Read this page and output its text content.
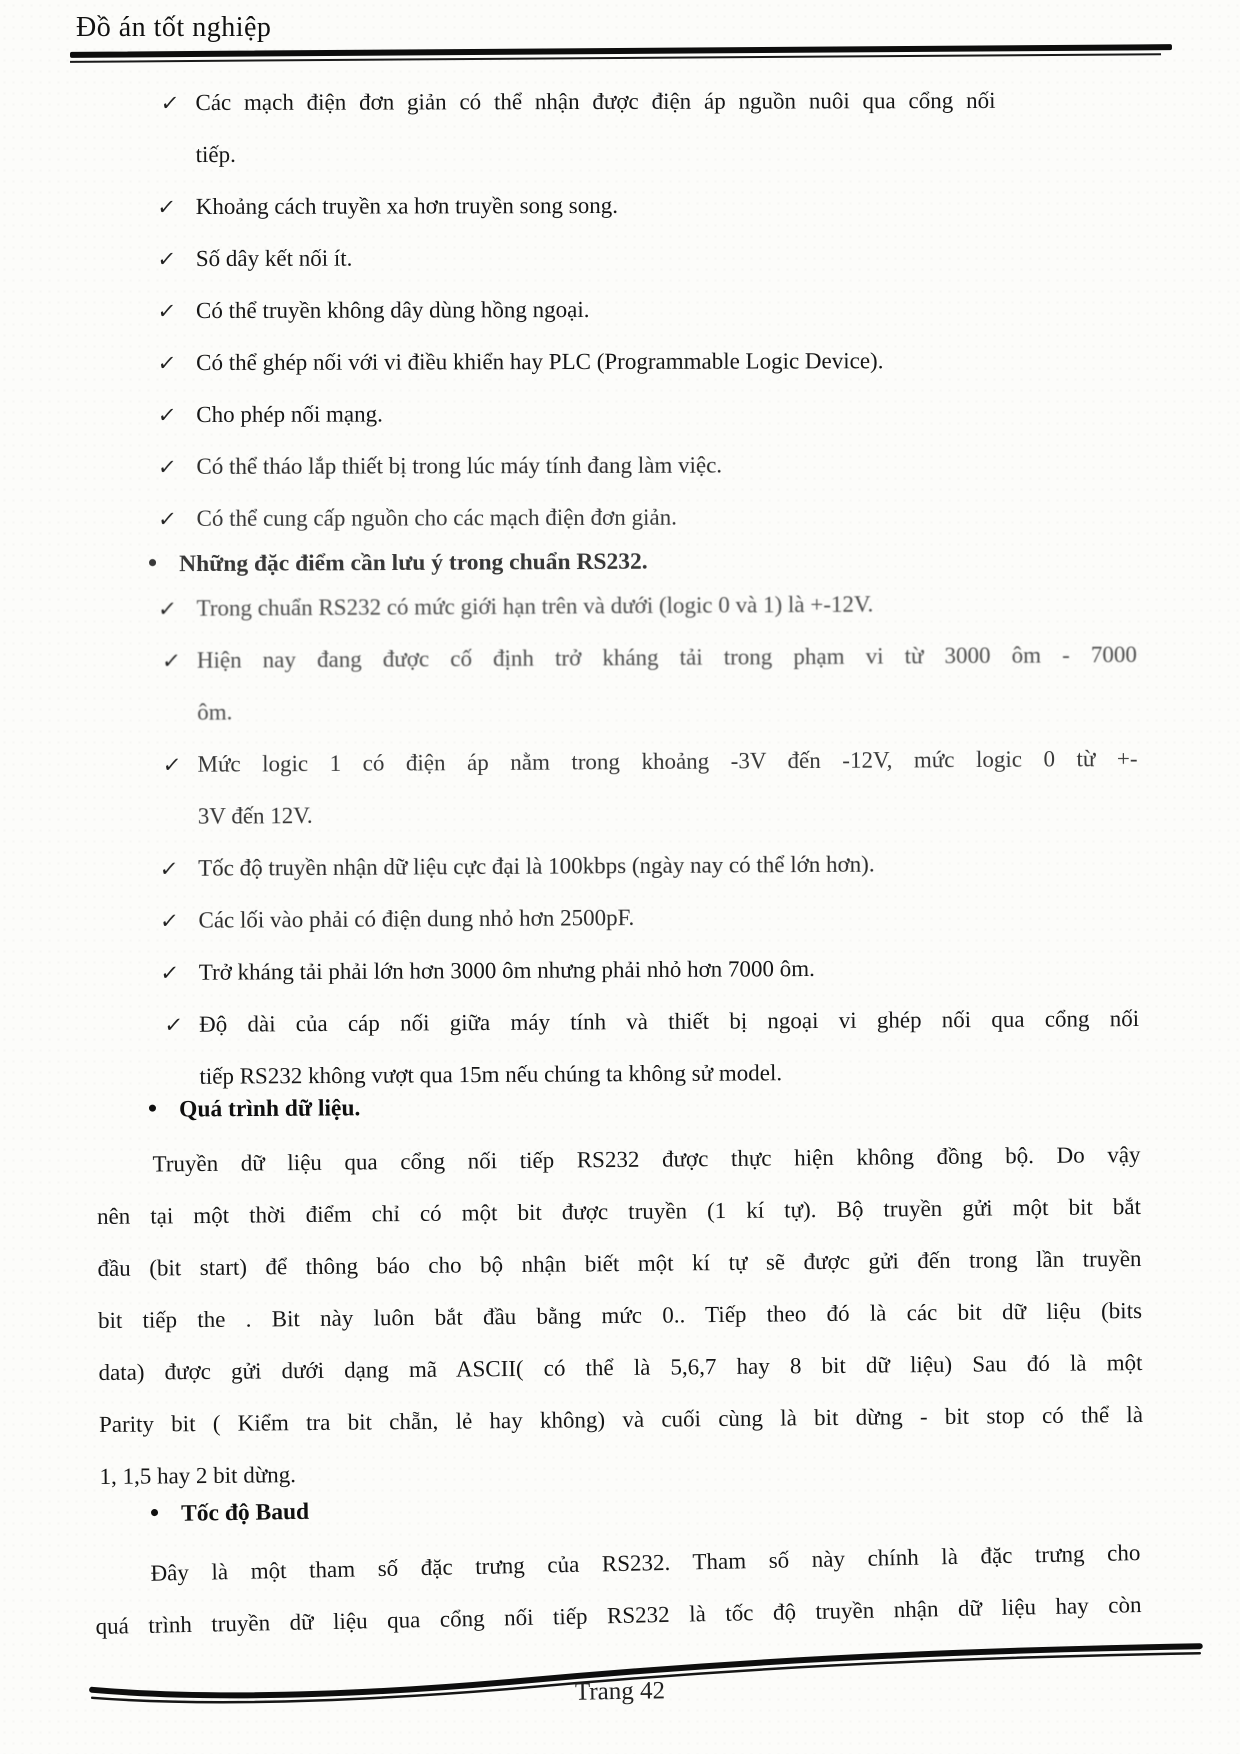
Đồ án tốt nghiệp
✓ Các mạch điện đơn giản có thể nhận được điện áp nguồn nuôi qua cổng nối
tiếp.
✓ Khoảng cách truyền xa hơn truyền song song.
✓ Số dây kết nối ít.
✓ Có thể truyền không dây dùng hồng ngoại.
✓ Có thể ghép nối với vi điều khiển hay PLC (Programmable Logic Device).
✓ Cho phép nối mạng.
✓ Có thể tháo lắp thiết bị trong lúc máy tính đang làm việc.
✓ Có thể cung cấp nguồn cho các mạch điện đơn giản.
• Những đặc điểm cần lưu ý trong chuẩn RS232.
✓ Trong chuẩn RS232 có mức giới hạn trên và dưới (logic 0 và 1) là +-12V.
✓ Hiện nay đang được cố định trở kháng tải trong phạm vi từ 3000 ôm - 7000
ôm.
✓ Mức logic 1 có điện áp nằm trong khoảng -3V đến -12V, mức logic 0 từ +-
3V đến 12V.
✓ Tốc độ truyền nhận dữ liệu cực đại là 100kbps (ngày nay có thể lớn hơn).
✓ Các lối vào phải có điện dung nhỏ hơn 2500pF.
✓ Trở kháng tải phải lớn hơn 3000 ôm nhưng phải nhỏ hơn 7000 ôm.
✓ Độ dài của cáp nối giữa máy tính và thiết bị ngoại vi ghép nối qua cổng nối
tiếp RS232 không vượt qua 15m nếu chúng ta không sử model.
• Quá trình dữ liệu.
Truyền dữ liệu qua cổng nối tiếp RS232 được thực hiện không đồng bộ. Do vậy
nên tại một thời điểm chỉ có một bit được truyền (1 kí tự). Bộ truyền gửi một bit bắt
đầu (bit start) để thông báo cho bộ nhận biết một kí tự sẽ được gửi đến trong lần truyền
bit tiếp the . Bit này luôn bắt đầu bằng mức 0.. Tiếp theo đó là các bit dữ liệu (bits
data) được gửi dưới dạng mã ASCII( có thể là 5,6,7 hay 8 bit dữ liệu) Sau đó là một
Parity bit ( Kiểm tra bit chẵn, lẻ hay không) và cuối cùng là bit dừng - bit stop có thể là
1, 1,5 hay 2 bit dừng.
• Tốc độ Baud
Đây là một tham số đặc trưng của RS232. Tham số này chính là đặc trưng cho
quá trình truyền dữ liệu qua cổng nối tiếp RS232 là tốc độ truyền nhận dữ liệu hay còn
Trang 42
